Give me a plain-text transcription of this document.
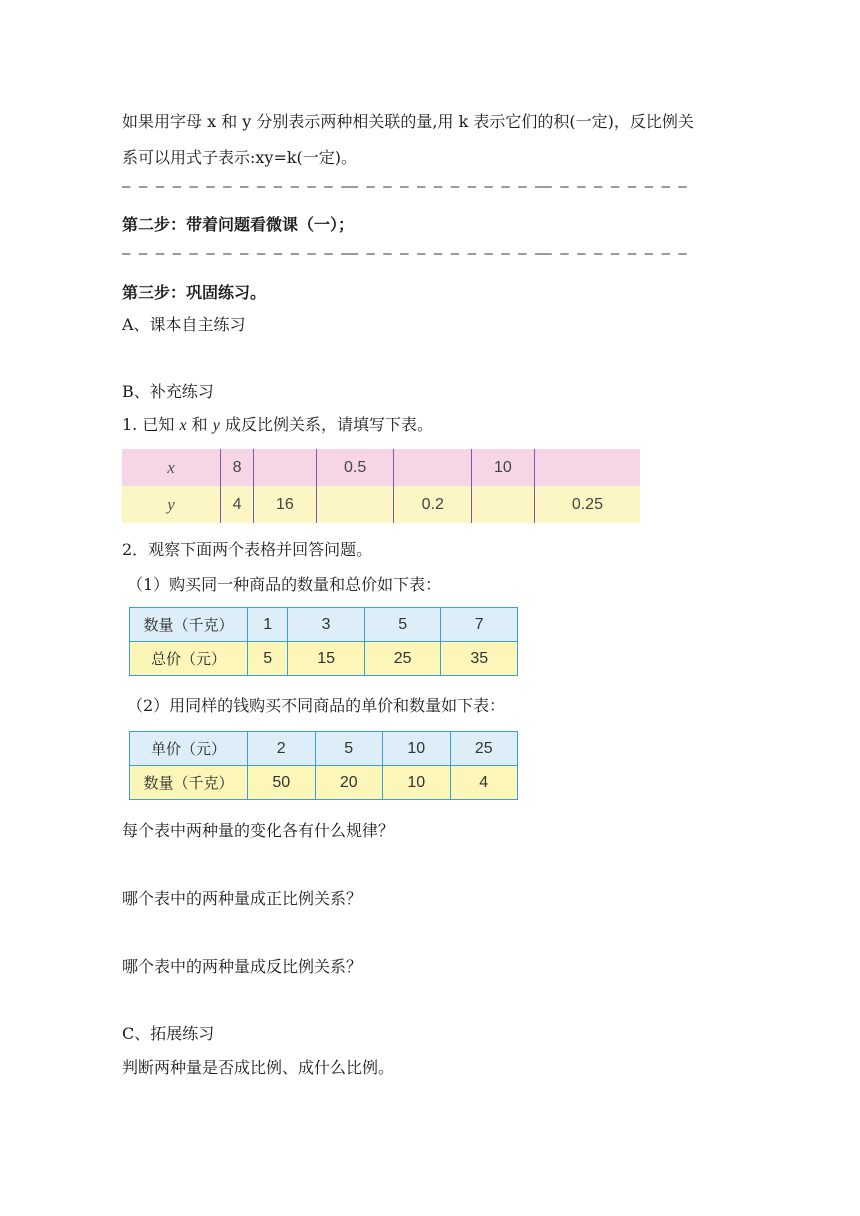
如果用字母 x 和 y 分别表示两种相关联的量,用 k 表示它们的积(一定)，反比例关
系可以用式子表示:xy=k(一定)。
– – – – – – – – – – – – – –— – – – – – – – – – – –— – – – – – – – –
第二步：带着问题看微课（一）；
– – – – – – – – – – – – – –— – – – – – – – – – – –— – – – – – – – –
第三步：巩固练习。
A、课本自主练习
B、补充练习
1. 已知 x 和 y 成反比例关系，请填写下表。
x	8		0.5		10	
y	4	16		0.2		0.25
2．观察下面两个表格并回答问题。
（1）购买同一种商品的数量和总价如下表：
数量（千克）	1	3	5	7
总价（元）	5	15	25	35
（2）用同样的钱购买不同商品的单价和数量如下表：
单价（元）	2	5	10	25
数量（千克）	50	20	10	4
每个表中两种量的变化各有什么规律？
哪个表中的两种量成正比例关系？
哪个表中的两种量成反比例关系？
C、拓展练习
判断两种量是否成比例、成什么比例。
